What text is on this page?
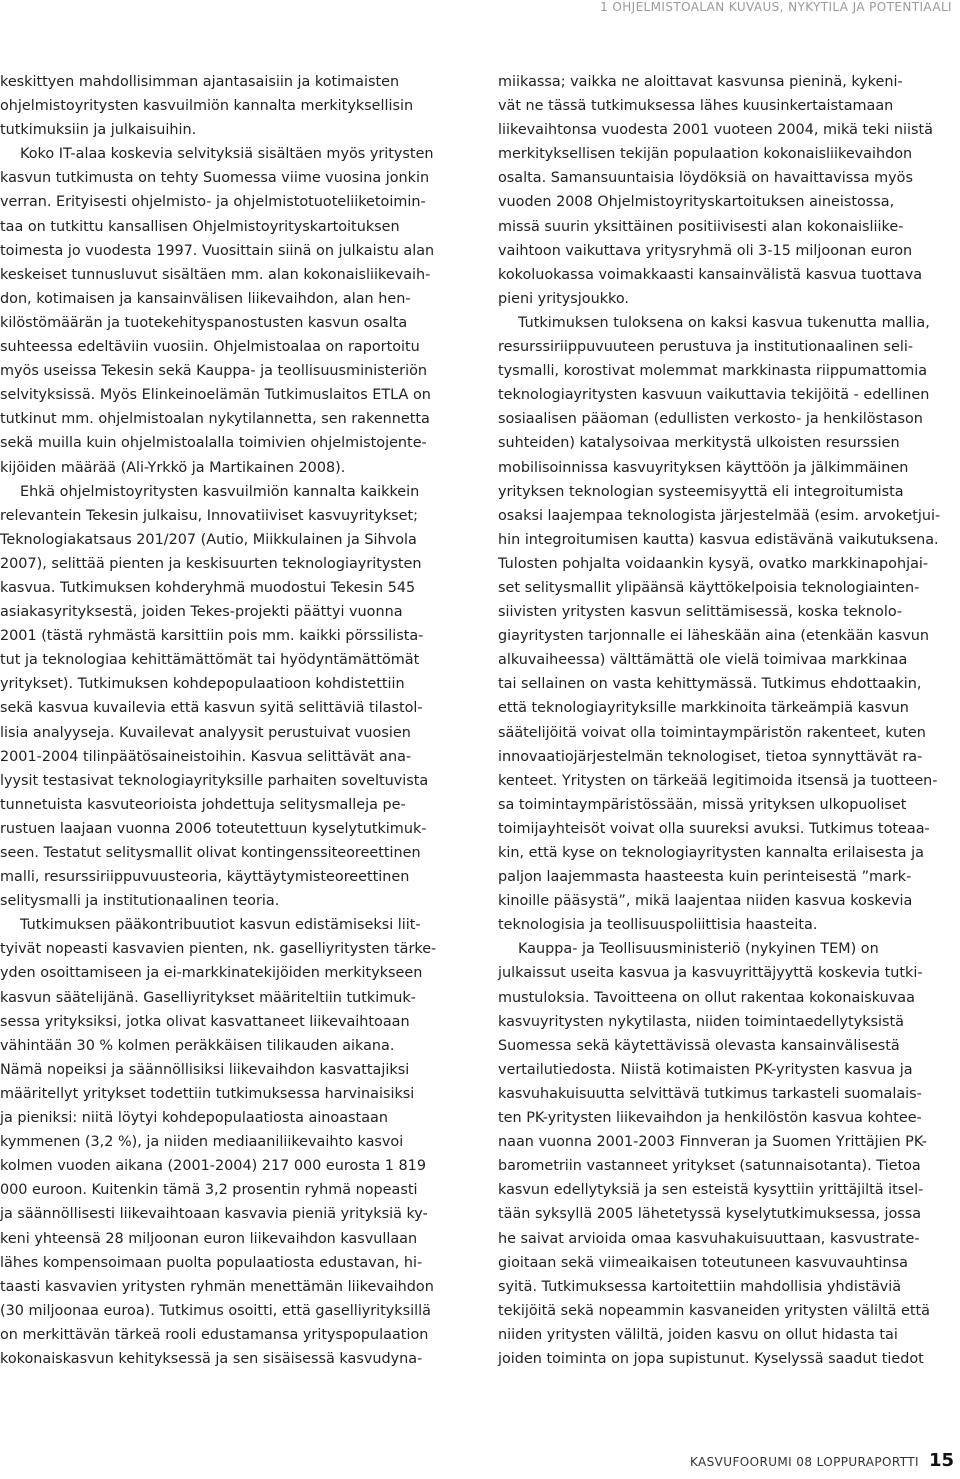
1 OHJELMISTOALAN KUVAUS, NYKYTILA JA POTENTIAALI
keskittyen mahdollisimman ajantasaisiin ja kotimaisten
ohjelmistoyritysten kasvuilmiön kannalta merkityksellisin
tutkimuksiin ja julkaisuihin.
Koko IT-alaa koskevia selvityksiä sisältäen myös yritysten
kasvun tutkimusta on tehty Suomessa viime vuosina jonkin
verran. Erityisesti ohjelmisto- ja ohjelmistotuoteliiketoimin-
taa on tutkittu kansallisen Ohjelmistoyrityskartoituksen
toimesta jo vuodesta 1997. Vuosittain siinä on julkaistu alan
keskeiset tunnusluvut sisältäen mm. alan kokonaisliikevaih-
don, kotimaisen ja kansainvälisen liikevaihdon, alan hen-
kilöstömäärän ja tuotekehityspanostusten kasvun osalta
suhteessa edeltäviin vuosiin. Ohjelmistoalaa on raportoitu
myös useissa Tekesin sekä Kauppa- ja teollisuusministeriön
selvityksissä. Myös Elinkeinoelämän Tutkimuslaitos ETLA on
tutkinut mm. ohjelmistoalan nykytilannetta, sen rakennetta
sekä muilla kuin ohjelmistoalalla toimivien ohjelmistojente-
kijöiden määrää (Ali-Yrkkö ja Martikainen 2008).
Ehkä ohjelmistoyritysten kasvuilmiön kannalta kaikkein
relevantein Tekesin julkaisu, Innovatiiviset kasvuyritykset;
Teknologiakatsaus 201/207 (Autio, Miikkulainen ja Sihvola
2007), selittää pienten ja keskisuurten teknologiayritysten
kasvua. Tutkimuksen kohderyhmä muodostui Tekesin 545
asiakasyrityksestä, joiden Tekes-projekti päättyi vuonna
2001 (tästä ryhmästä karsittiin pois mm. kaikki pörssilista-
tut ja teknologiaa kehittämättömät tai hyödyntämättömät
yritykset). Tutkimuksen kohdepopulaatioon kohdistettiin
sekä kasvua kuvailevia että kasvun syitä selittäviä tilastol-
lisia analyyseja. Kuvailevat analyysit perustuivat vuosien
2001-2004 tilinpäätösaineistoihin. Kasvua selittävät ana-
lyysit testasivat teknologiayrityksille parhaiten soveltuvista
tunnetuista kasvuteorioista johdettuja selitysmalleja pe-
rustuen laajaan vuonna 2006 toteutettuun kyselytutkimuk-
seen. Testatut selitysmallit olivat kontingenssiteoreettinen
malli, resurssiriippuvuusteoria, käyttäytymisteoreettinen
selitysmalli ja institutionaalinen teoria.
Tutkimuksen pääkontribuutiot kasvun edistämiseksi liit-
tyivät nopeasti kasvavien pienten, nk. gaselliyritysten tärke-
yden osoittamiseen ja ei-markkinatekijöiden merkitykseen
kasvun säätelijänä. Gaselliyritykset määriteltiin tutkimuk-
sessa yrityksiksi, jotka olivat kasvattaneet liikevaihtoaan
vähintään 30 % kolmen peräkkäisen tilikauden aikana.
Nämä nopeiksi ja säännöllisiksi liikevaihdon kasvattajiksi
määritellyt yritykset todettiin tutkimuksessa harvinaisiksi
ja pieniksi: niitä löytyi kohdepopulaatiosta ainoastaan
kymmenen (3,2 %), ja niiden mediaaniliikevaihto kasvoi
kolmen vuoden aikana (2001-2004) 217 000 eurosta 1 819
000 euroon. Kuitenkin tämä 3,2 prosentin ryhmä nopeasti
ja säännöllisesti liikevaihtoaan kasvavia pieniä yrityksiä ky-
keni yhteensä 28 miljoonan euron liikevaihdon kasvullaan
lähes kompensoimaan puolta populaatiosta edustavan, hi-
taasti kasvavien yritysten ryhmän menettämän liikevaihdon
(30 miljoonaa euroa). Tutkimus osoitti, että gaselliyrityksillä
on merkittävän tärkeä rooli edustamansa yrityspopulaation
kokonaiskasvun kehityksessä ja sen sisäisessä kasvudyna-
miikassa; vaikka ne aloittavat kasvunsa pieninä, kykeni-
vät ne tässä tutkimuksessa lähes kuusinkertaistamaan
liikevaihtonsa vuodesta 2001 vuoteen 2004, mikä teki niistä
merkityksellisen tekijän populaation kokonaisliikevaihdon
osalta. Samansuuntaisia löydöksiä on havaittavissa myös
vuoden 2008 Ohjelmistoyrityskartoituksen aineistossa,
missä suurin yksittäinen positiivisesti alan kokonaisliike-
vaihtoon vaikuttava yritysryhmä oli 3-15 miljoonan euron
kokoluokassa voimakkaasti kansainvälistä kasvua tuottava
pieni yritysjoukko.
Tutkimuksen tuloksena on kaksi kasvua tukenutta mallia,
resurssiriippuvuuteen perustuva ja institutionaalinen seli-
tysmalli, korostivat molemmat markkinasta riippumattomia
teknologiayritysten kasvuun vaikuttavia tekijöitä - edellinen
sosiaalisen pääoman (edullisten verkosto- ja henkilöstason
suhteiden) katalysoivaa merkitystä ulkoisten resurssien
mobilisoinnissa kasvuyrityksen käyttöön ja jälkimmäinen
yrityksen teknologian systeemisyyttä eli integroitumista
osaksi laajempaa teknologista järjestelmää (esim. arvoketjui-
hin integroitumisen kautta) kasvua edistävänä vaikutuksena.
Tulosten pohjalta voidaankin kysyä, ovatko markkinapohjai-
set selitysmallit ylipäänsä käyttökelpoisia teknologiainten-
siivisten yritysten kasvun selittämisessä, koska teknolo-
giayritysten tarjonnalle ei läheskään aina (etenkään kasvun
alkuvaiheessa) välttämättä ole vielä toimivaa markkinaa
tai sellainen on vasta kehittymässä. Tutkimus ehdottaakin,
että teknologiayrityksille markkinoita tärkeämpiä kasvun
säätelijöitä voivat olla toimintaympäristön rakenteet, kuten
innovaatiojärjestelmän teknologiset, tietoa synnyttävät ra-
kenteet. Yritysten on tärkeää legitimoida itsensä ja tuotteen-
sa toimintaympäristössään, missä yrityksen ulkopuoliset
toimijayhteisöt voivat olla suureksi avuksi. Tutkimus toteaa-
kin, että kyse on teknologiayritysten kannalta erilaisesta ja
paljon laajemmasta haasteesta kuin perinteisestä ”mark-
kinoille pääsystä”, mikä laajentaa niiden kasvua koskevia
teknologisia ja teollisuuspoliittisia haasteita.
Kauppa- ja Teollisuusministeriö (nykyinen TEM) on
julkaissut useita kasvua ja kasvuyrittäjyyttä koskevia tutki-
mustuloksia. Tavoitteena on ollut rakentaa kokonaiskuvaa
kasvuyritysten nykytilasta, niiden toimintaedellytyksistä
Suomessa sekä käytettävissä olevasta kansainvälisestä
vertailutiedosta. Niistä kotimaisten PK-yritysten kasvua ja
kasvuhakuisuutta selvittävä tutkimus tarkasteli suomalais-
ten PK-yritysten liikevaihdon ja henkilöstön kasvua kohtee-
naan vuonna 2001-2003 Finnveran ja Suomen Yrittäjien PK-
barometriin vastanneet yritykset (satunnaisotanta). Tietoa
kasvun edellytyksiä ja sen esteistä kysyttiin yrittäjiltä itsel-
tään syksyllä 2005 lähetetyssä kyselytutkimuksessa, jossa
he saivat arvioida omaa kasvuhakuisuuttaan, kasvustrate-
gioitaan sekä viimeaikaisen toteutuneen kasvuvauhtinsa
syitä. Tutkimuksessa kartoitettiin mahdollisia yhdistäviä
tekijöitä sekä nopeammin kasvaneiden yritysten väliltä että
niiden yritysten väliltä, joiden kasvu on ollut hidasta tai
joiden toiminta on jopa supistunut. Kyselyssä saadut tiedot
KASVUFOORUMI 08 LOPPURAPORTTI 15
